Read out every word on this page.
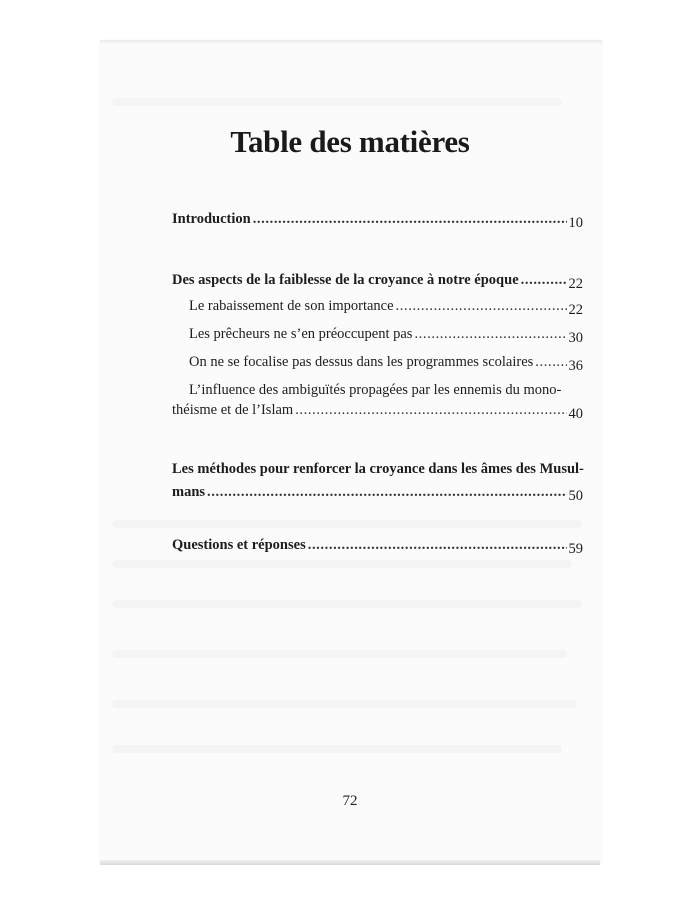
Table des matières
Introduction .....	10
Des aspects de la faiblesse de la croyance à notre époque .....	22
Le rabaissement de son importance .....	22
Les prêcheurs ne s’en préoccupent pas .....	30
On ne se focalise pas dessus dans les programmes scolaires ..... 36
L’influence des ambiguïtés propagées par les ennemis du mono-
théisme et de l’Islam .....	40
Les méthodes pour renforcer la croyance dans les âmes des Musul-
mans .....	50
Questions et réponses .....	59
72
